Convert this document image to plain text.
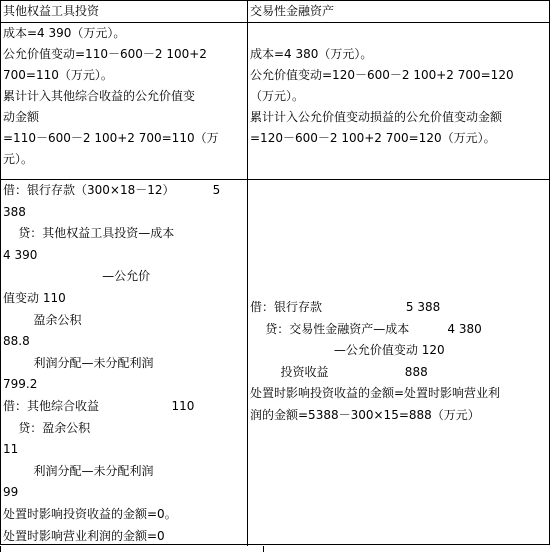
其他权益工具投资	交易性金融资产
成本=4 390（万元）。
公允价值变动=110－600－2 100+2
700=110（万元）。
累计计入其他综合收益的公允价值变
动金额
=110－600－2 100+2 700=110（万
元）。
成本=4 380（万元）。
公允价值变动=120－600－2 100+2 700=120
（万元）。
累计计入公允价值变动损益的公允价值变动金额
=120－600－2 100+2 700=120（万元）。
借：银行存款（300×18－12）          5
388
贷：其他权益工具投资—成本
4 390
—公允价
值变动 110
盈余公积
88.8
利润分配—未分配利润
799.2
借：其他综合收益                   110
贷：盈余公积
11
利润分配—未分配利润
99
处置时影响投资收益的金额=0。
处置时影响营业利润的金额=0
借：银行存款                      5 388
贷：交易性金融资产—成本          4 380
—公允价值变动 120
投资收益                    888
处置时影响投资收益的金额=处置时影响营业利
润的金额=5388－300×15=888（万元）
